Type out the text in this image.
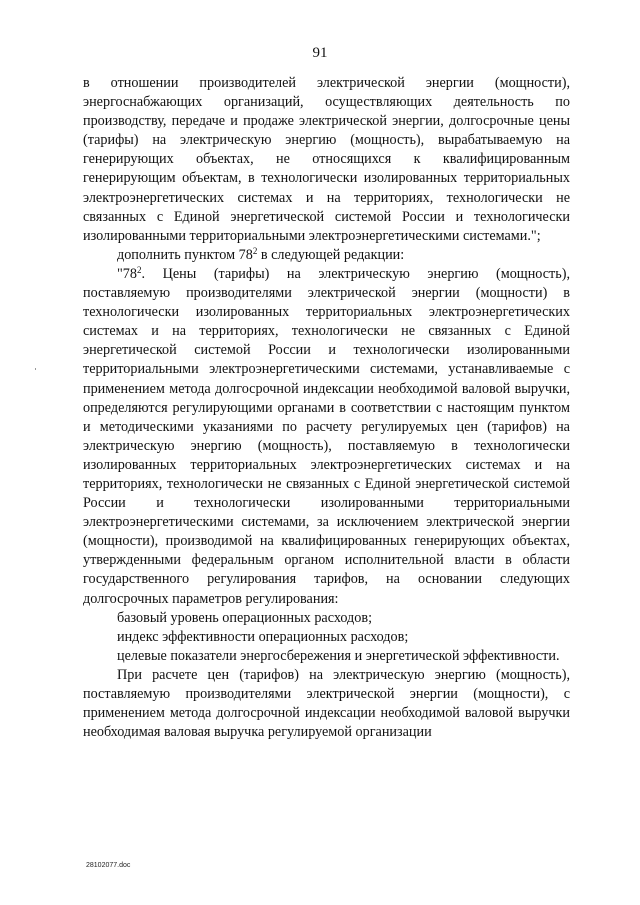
91

в отношении производителей электрической энергии (мощности), энергоснабжающих организаций, осуществляющих деятельность по производству, передаче и продаже электрической энергии, долгосрочные цены (тарифы) на электрическую энергию (мощность), вырабатываемую на генерирующих объектах, не относящихся к квалифицированным генерирующим объектам, в технологически изолированных территориальных электроэнергетических системах и на территориях, технологически не связанных с Единой энергетической системой России и технологически изолированными территориальными электроэнергетическими системами.";

дополнить пунктом $78^2$ в следующей редакции:

"$78^2$. Цены (тарифы) на электрическую энергию (мощность), поставляемую производителями электрической энергии (мощности) в технологически изолированных территориальных электроэнергетических системах и на территориях, технологически не связанных с Единой энергетической системой России и технологически изолированными территориальными электроэнергетическими системами, устанавливаемые с применением метода долгосрочной индексации необходимой валовой выручки, определяются регулирующими органами в соответствии с настоящим пунктом и методическими указаниями по расчету регулируемых цен (тарифов) на электрическую энергию (мощность), поставляемую в технологически изолированных территориальных электроэнергетических системах и на территориях, технологически не связанных с Единой энергетической системой России и технологически изолированными территориальными электроэнергетическими системами, за исключением электрической энергии (мощности), производимой на квалифицированных генерирующих объектах, утвержденными федеральным органом исполнительной власти в области государственного регулирования тарифов, на основании следующих долгосрочных параметров регулирования:

базовый уровень операционных расходов;

индекс эффективности операционных расходов;

целевые показатели энергосбережения и энергетической эффективности.

При расчете цен (тарифов) на электрическую энергию (мощность), поставляемую производителями электрической энергии (мощности), с применением метода долгосрочной индексации необходимой валовой выручки необходимая валовая выручка регулируемой организации

28102077.doc
